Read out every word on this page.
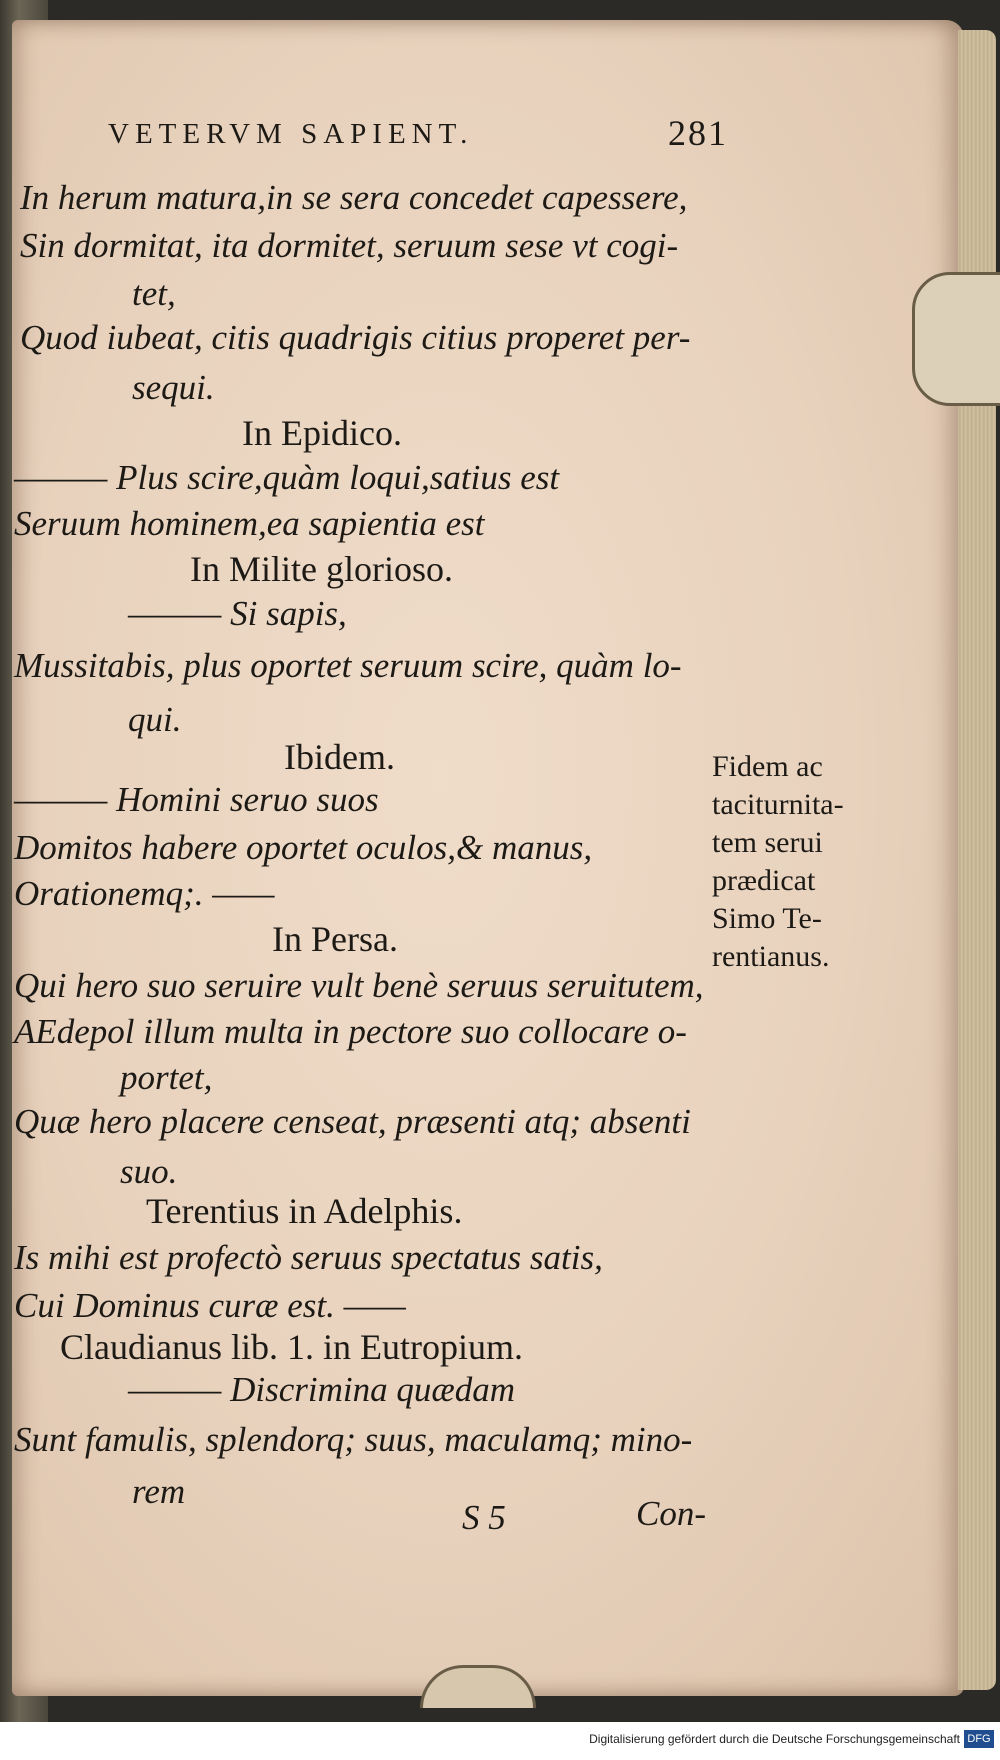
VETERVM SAPIENT.	281
In herum matura,in se sera concedet capessere,
Sin dormitat, ita dormitet, seruum sese vt cogi-
tet,
Quod iubeat, citis quadrigis citius properet per-
sequi.
In Epidico.
——— Plus scire,quàm loqui,satius est
Seruum hominem,ea sapientia est
In Milite glorioso.
——— Si sapis,
Mussitabis, plus oportet seruum scire, quàm lo-
qui.
Ibidem.
——— Homini seruo suos
Domitos habere oportet oculos,& manus,
Orationemq;. ——
In Persa.
Qui hero suo seruire vult benè seruus seruitutem,
AEdepol illum multa in pectore suo collocare o-
portet,
Quæ hero placere censeat, præsenti atq; absenti
suo.
Terentius in Adelphis.
Is mihi est profectò seruus spectatus satis,
Cui Dominus curæ est. ——
Claudianus lib. 1. in Eutropium.
——— Discrimina quædam
Sunt famulis, splendorq; suus, maculamq; mino-
rem
Fidem ac
taciturnita-
tem serui
prædicat
Simo Te-
rentianus.
S 5	Con-
Digitalisierung gefördert durch die Deutsche Forschungsgemeinschaft DFG
